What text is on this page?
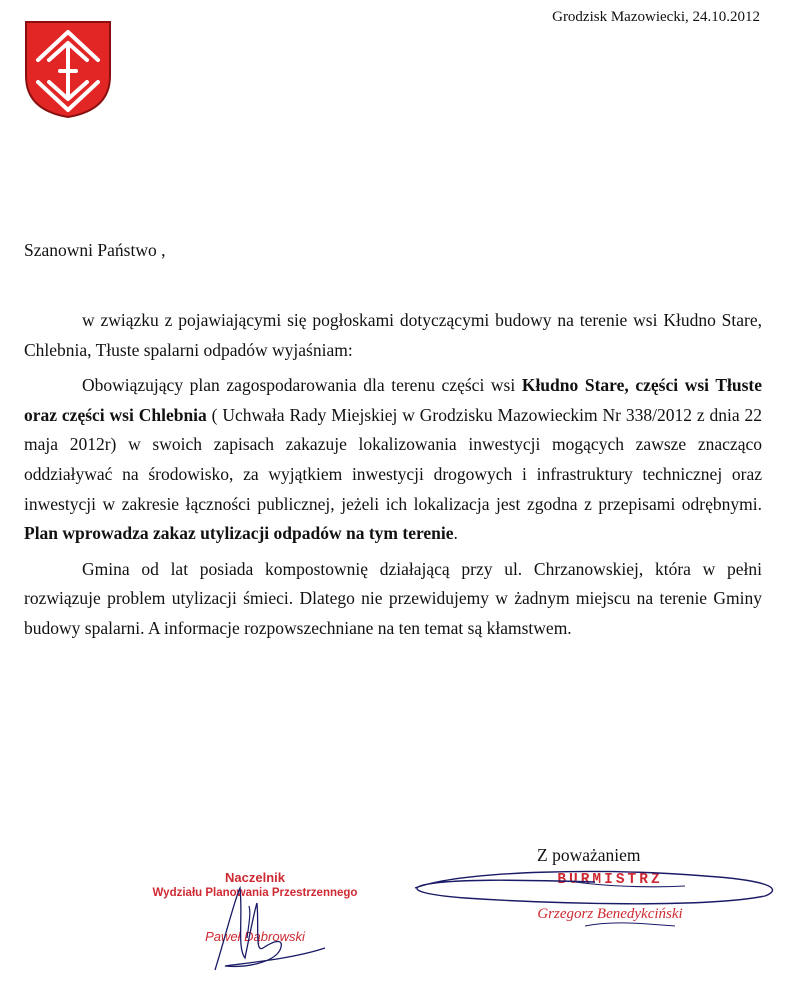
Grodzisk Mazowiecki, 24.10.2012
Szanowni Państwo ,

w związku z pojawiającymi się pogłoskami dotyczącymi budowy na terenie wsi Kłudno Stare, Chlebnia, Tłuste spalarni odpadów wyjaśniam:

Obowiązujący plan zagospodarowania dla terenu części wsi Kłudno Stare, części wsi Tłuste oraz części wsi Chlebnia ( Uchwała Rady Miejskiej w Grodzisku Mazowieckim Nr 338/2012 z dnia 22 maja 2012r) w swoich zapisach zakazuje lokalizowania inwestycji mogących zawsze znacząco oddziaływać na środowisko, za wyjątkiem inwestycji drogowych i infrastruktury technicznej oraz inwestycji w zakresie łączności publicznej, jeżeli ich lokalizacja jest zgodna z przepisami odrębnymi. Plan wprowadza zakaz utylizacji odpadów na tym terenie.

Gmina od lat posiada kompostownię działającą przy ul. Chrzanowskiej, która w pełni rozwiązuje problem utylizacji śmieci. Dlatego nie przewidujemy w żadnym miejscu na terenie Gminy budowy spalarni. A informacje rozpowszechniane na ten temat są kłamstwem.

Z poważaniem
Naczelnik
Wydziału Planowania Przestrzennego
Paweł Dąbrowski
BURMISTRZ
Grzegorz Benedykciński
